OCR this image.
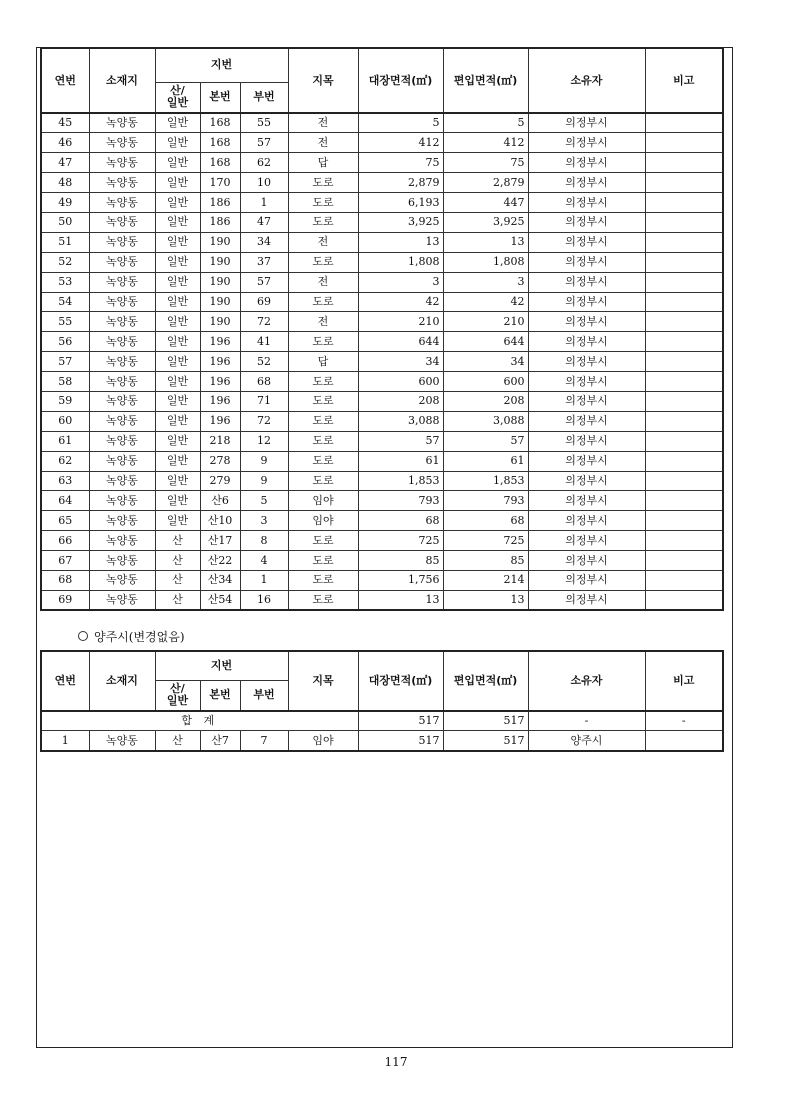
연번	소재지	지번			지목	대장면적(㎡)	편입면적(㎡)	소유자	비고
		산/일반	본번	부번					
45	녹양동	일반	168	55	전	5	5	의정부시	
46	녹양동	일반	168	57	전	412	412	의정부시	
47	녹양동	일반	168	62	답	75	75	의정부시	
48	녹양동	일반	170	10	도로	2,879	2,879	의정부시	
49	녹양동	일반	186	1	도로	6,193	447	의정부시	
50	녹양동	일반	186	47	도로	3,925	3,925	의정부시	
51	녹양동	일반	190	34	전	13	13	의정부시	
52	녹양동	일반	190	37	도로	1,808	1,808	의정부시	
53	녹양동	일반	190	57	전	3	3	의정부시	
54	녹양동	일반	190	69	도로	42	42	의정부시	
55	녹양동	일반	190	72	전	210	210	의정부시	
56	녹양동	일반	196	41	도로	644	644	의정부시	
57	녹양동	일반	196	52	답	34	34	의정부시	
58	녹양동	일반	196	68	도로	600	600	의정부시	
59	녹양동	일반	196	71	도로	208	208	의정부시	
60	녹양동	일반	196	72	도로	3,088	3,088	의정부시	
61	녹양동	일반	218	12	도로	57	57	의정부시	
62	녹양동	일반	278	9	도로	61	61	의정부시	
63	녹양동	일반	279	9	도로	1,853	1,853	의정부시	
64	녹양동	일반	산6	5	임야	793	793	의정부시	
65	녹양동	일반	산10	3	임야	68	68	의정부시	
66	녹양동	산	산17	8	도로	725	725	의정부시	
67	녹양동	산	산22	4	도로	85	85	의정부시	
68	녹양동	산	산34	1	도로	1,756	214	의정부시	
69	녹양동	산	산54	16	도로	13	13	의정부시	
양주시(변경없음)
연번	소재지	지번			지목	대장면적(㎡)	편입면적(㎡)	소유자	비고
		산/일반	본번	부번					
합 계						517	517	-	-
1	녹양동	산	산7	7	임야	517	517	양주시	
117
